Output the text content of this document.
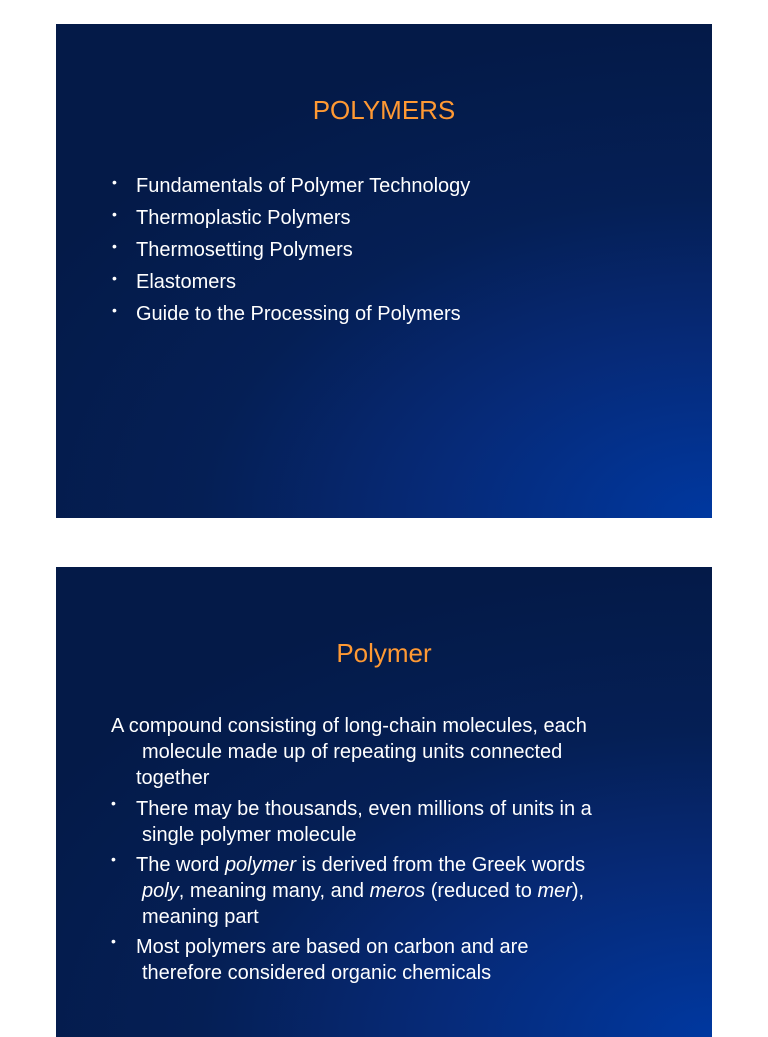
POLYMERS
• Fundamentals of Polymer Technology
• Thermoplastic Polymers
• Thermosetting Polymers
• Elastomers
• Guide to the Processing of Polymers
Polymer
A compound consisting of long-chain molecules, each
molecule made up of repeating units connected
together
• There may be thousands, even millions of units in a
single polymer molecule
• The word polymer is derived from the Greek words
poly, meaning many, and meros (reduced to mer),
meaning part
• Most polymers are based on carbon and are
therefore considered organic chemicals
